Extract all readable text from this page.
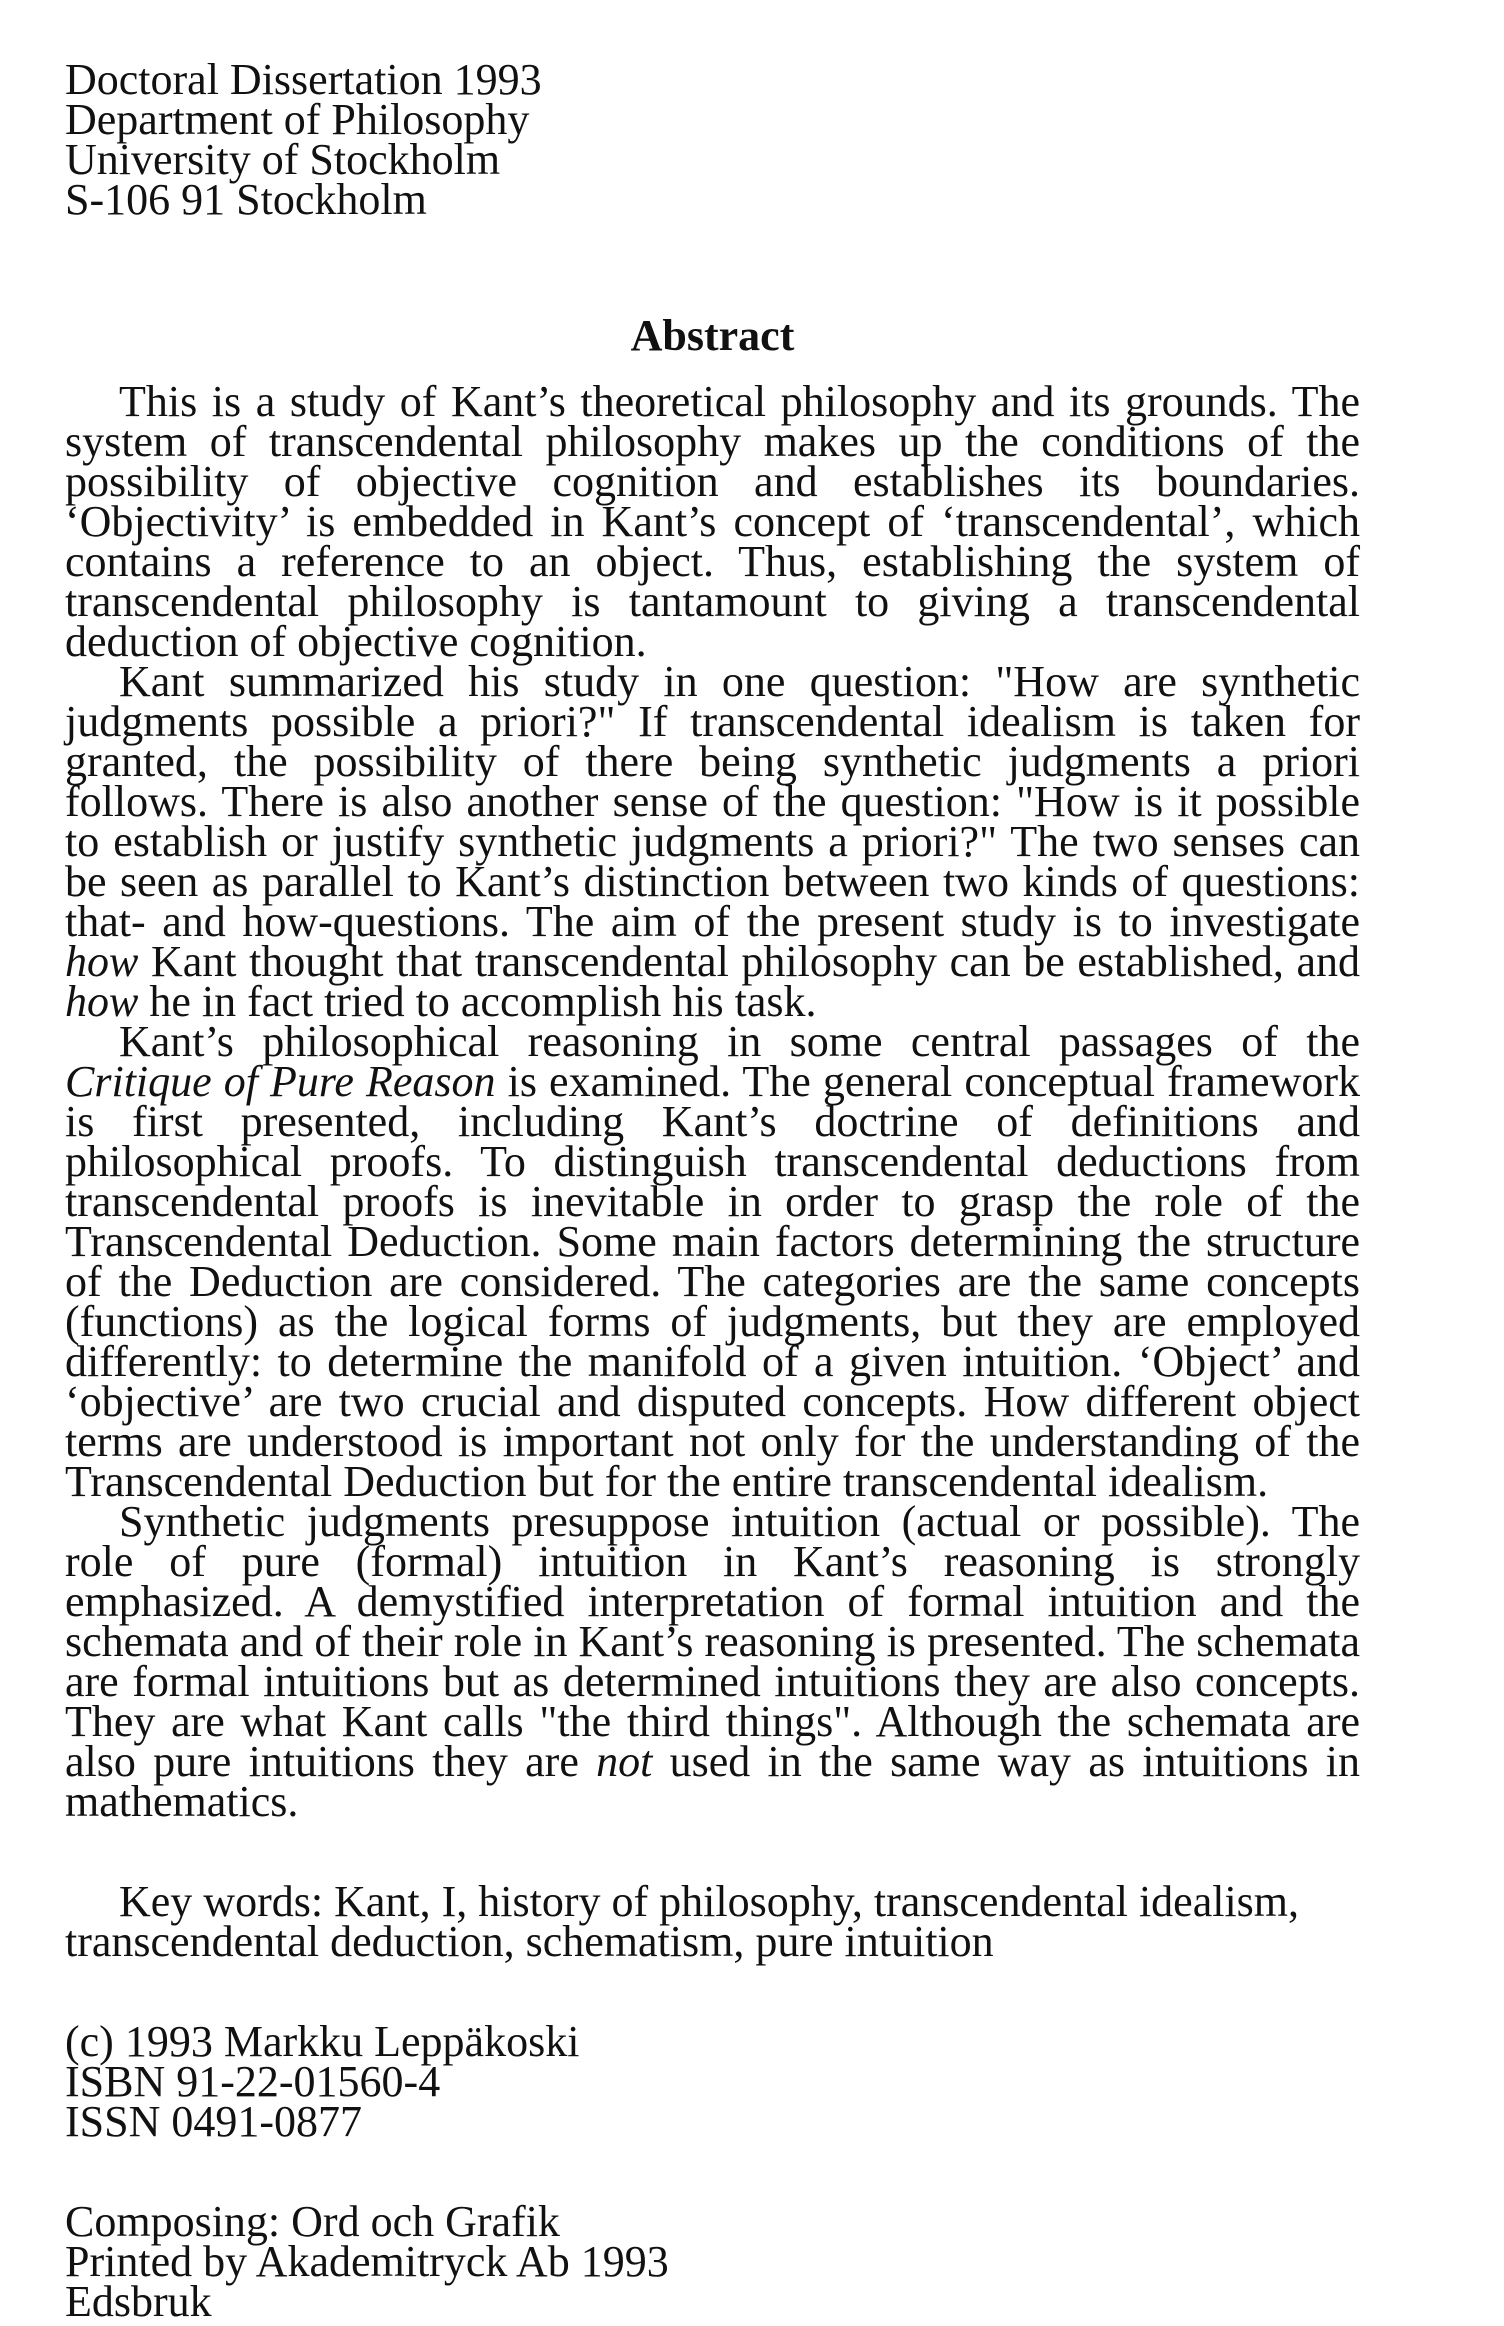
Doctoral Dissertation 1993
Department of Philosophy
University of Stockholm
S-106 91 Stockholm
Abstract

This is a study of Kant’s theoretical philosophy and its grounds. The system of transcendental philosophy makes up the conditions of the possibility of objective cognition and establishes its boundaries. ‘Objectivity’ is embedded in Kant’s concept of ‘transcendental’, which contains a reference to an object. Thus, establishing the system of transcendental philosophy is tantamount to giving a transcendental deduction of objective cognition.

Kant summarized his study in one question: "How are synthetic judgments possible a priori?" If transcendental idealism is taken for granted, the possibility of there being synthetic judgments a priori follows. There is also another sense of the question: "How is it possible to establish or justify synthetic judgments a priori?" The two senses can be seen as parallel to Kant’s distinction between two kinds of questions: that- and how-questions. The aim of the present study is to investigate how Kant thought that transcendental philosophy can be established, and how he in fact tried to accomplish his task.

Kant’s philosophical reasoning in some central passages of the Critique of Pure Reason is examined. The general conceptual framework is first presented, including Kant’s doctrine of definitions and philosophical proofs. To distinguish transcendental deductions from transcendental proofs is inevitable in order to grasp the role of the Transcendental Deduction. Some main factors determining the structure of the Deduction are considered. The categories are the same concepts (functions) as the logical forms of judgments, but they are employed differently: to determine the manifold of a given intuition. ‘Object’ and ‘objective’ are two crucial and disputed concepts. How different object terms are understood is important not only for the understanding of the Transcendental Deduction but for the entire transcendental idealism.

Synthetic judgments presuppose intuition (actual or possible). The role of pure (formal) intuition in Kant’s reasoning is strongly emphasized. A demystified interpretation of formal intuition and the schemata and of their role in Kant’s reasoning is presented. The schemata are formal intuitions but as determined intuitions they are also concepts. They are what Kant calls "the third things". Although the schemata are also pure intuitions they are not used in the same way as intuitions in mathematics.

Key words: Kant, I, history of philosophy, transcendental idealism, transcendental deduction, schematism, pure intuition
(c) 1993 Markku Leppäkoski
ISBN 91-22-01560-4
ISSN 0491-0877
Composing: Ord och Grafik
Printed by Akademitryck Ab 1993
Edsbruk
